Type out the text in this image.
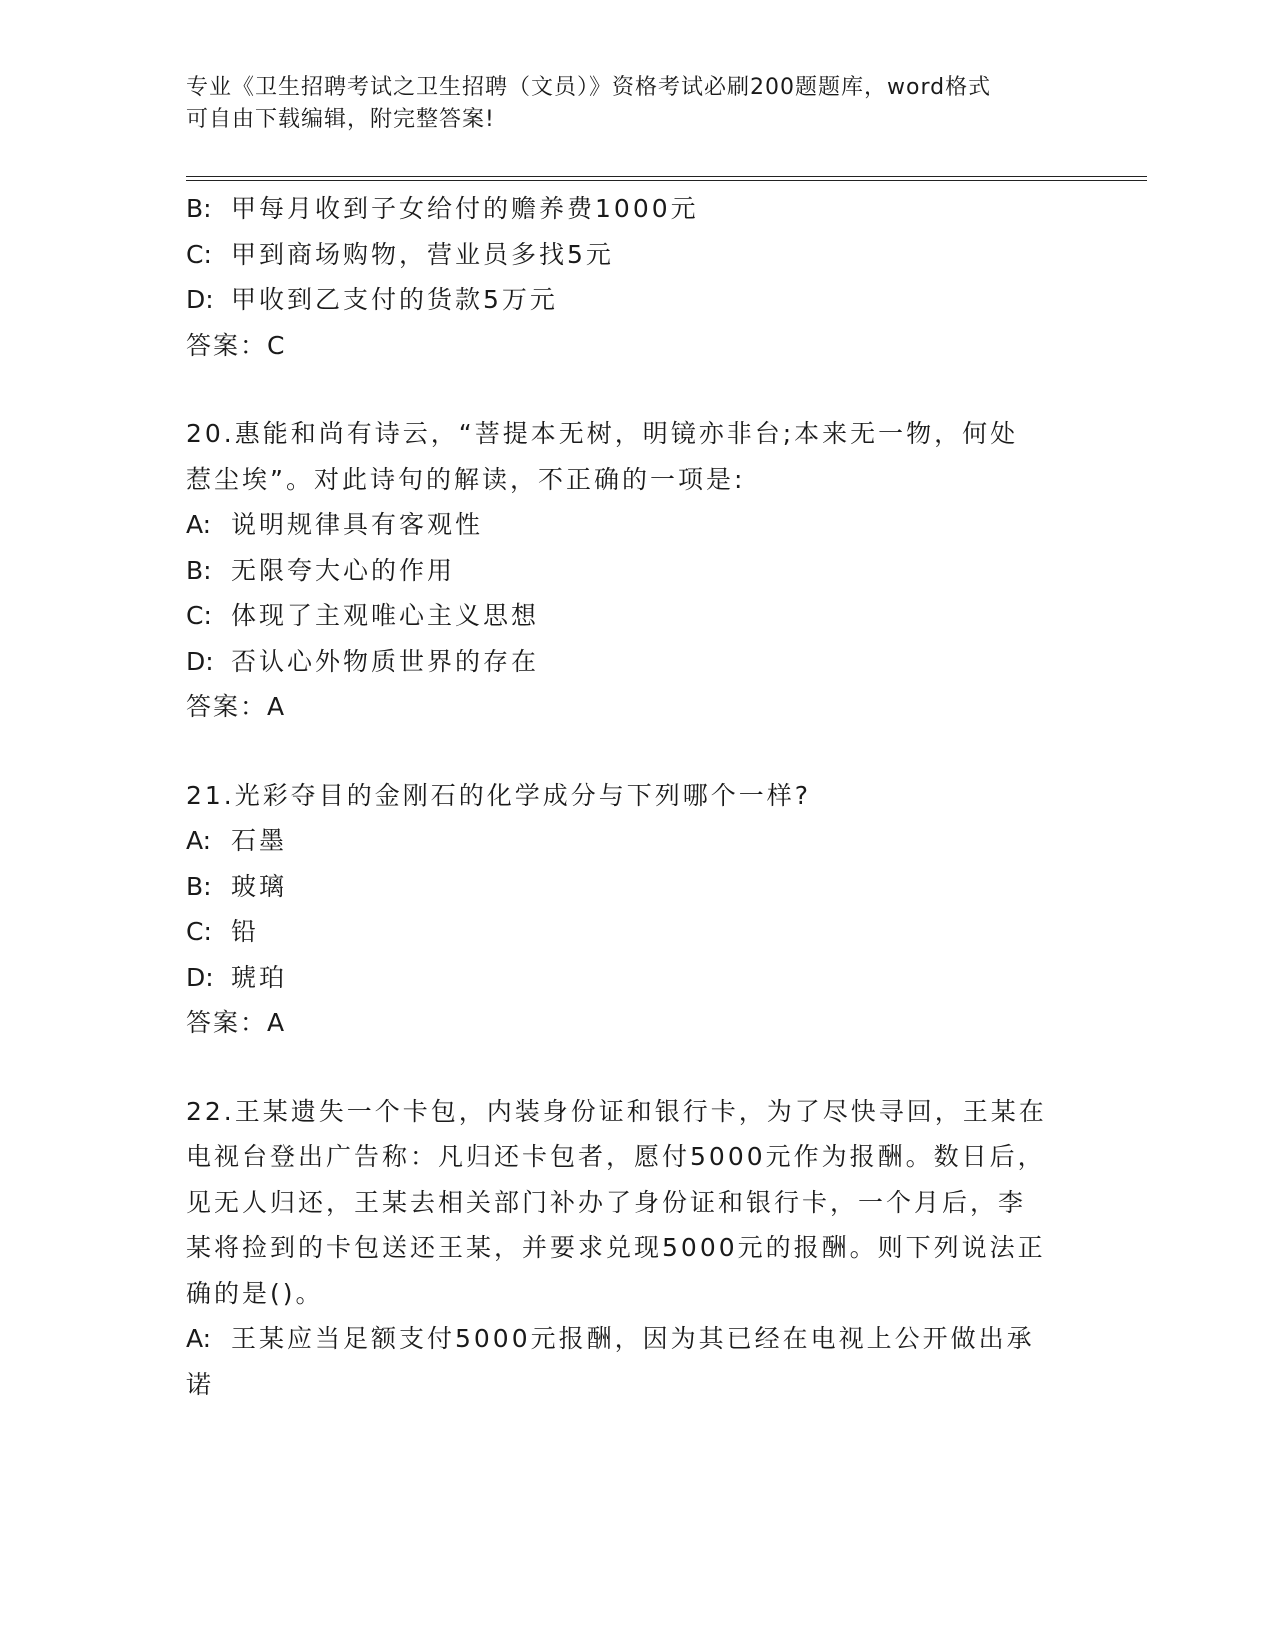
专业《卫生招聘考试之卫生招聘（文员）》资格考试必刷200题题库，word格式
可自由下载编辑，附完整答案!
B: 甲每月收到子女给付的赡养费1000元
C: 甲到商场购物，营业员多找5元
D: 甲收到乙支付的货款5万元
答案：C
20.惠能和尚有诗云，“菩提本无树，明镜亦非台;本来无一物，何处
惹尘埃”。对此诗句的解读，不正确的一项是:
A: 说明规律具有客观性
B: 无限夸大心的作用
C: 体现了主观唯心主义思想
D: 否认心外物质世界的存在
答案：A
21.光彩夺目的金刚石的化学成分与下列哪个一样?
A: 石墨
B: 玻璃
C: 铅
D: 琥珀
答案：A
22.王某遗失一个卡包，内装身份证和银行卡，为了尽快寻回，王某在
电视台登出广告称：凡归还卡包者，愿付5000元作为报酬。数日后，
见无人归还，王某去相关部门补办了身份证和银行卡，一个月后，李
某将捡到的卡包送还王某，并要求兑现5000元的报酬。则下列说法正
确的是()。
A: 王某应当足额支付5000元报酬，因为其已经在电视上公开做出承
诺
